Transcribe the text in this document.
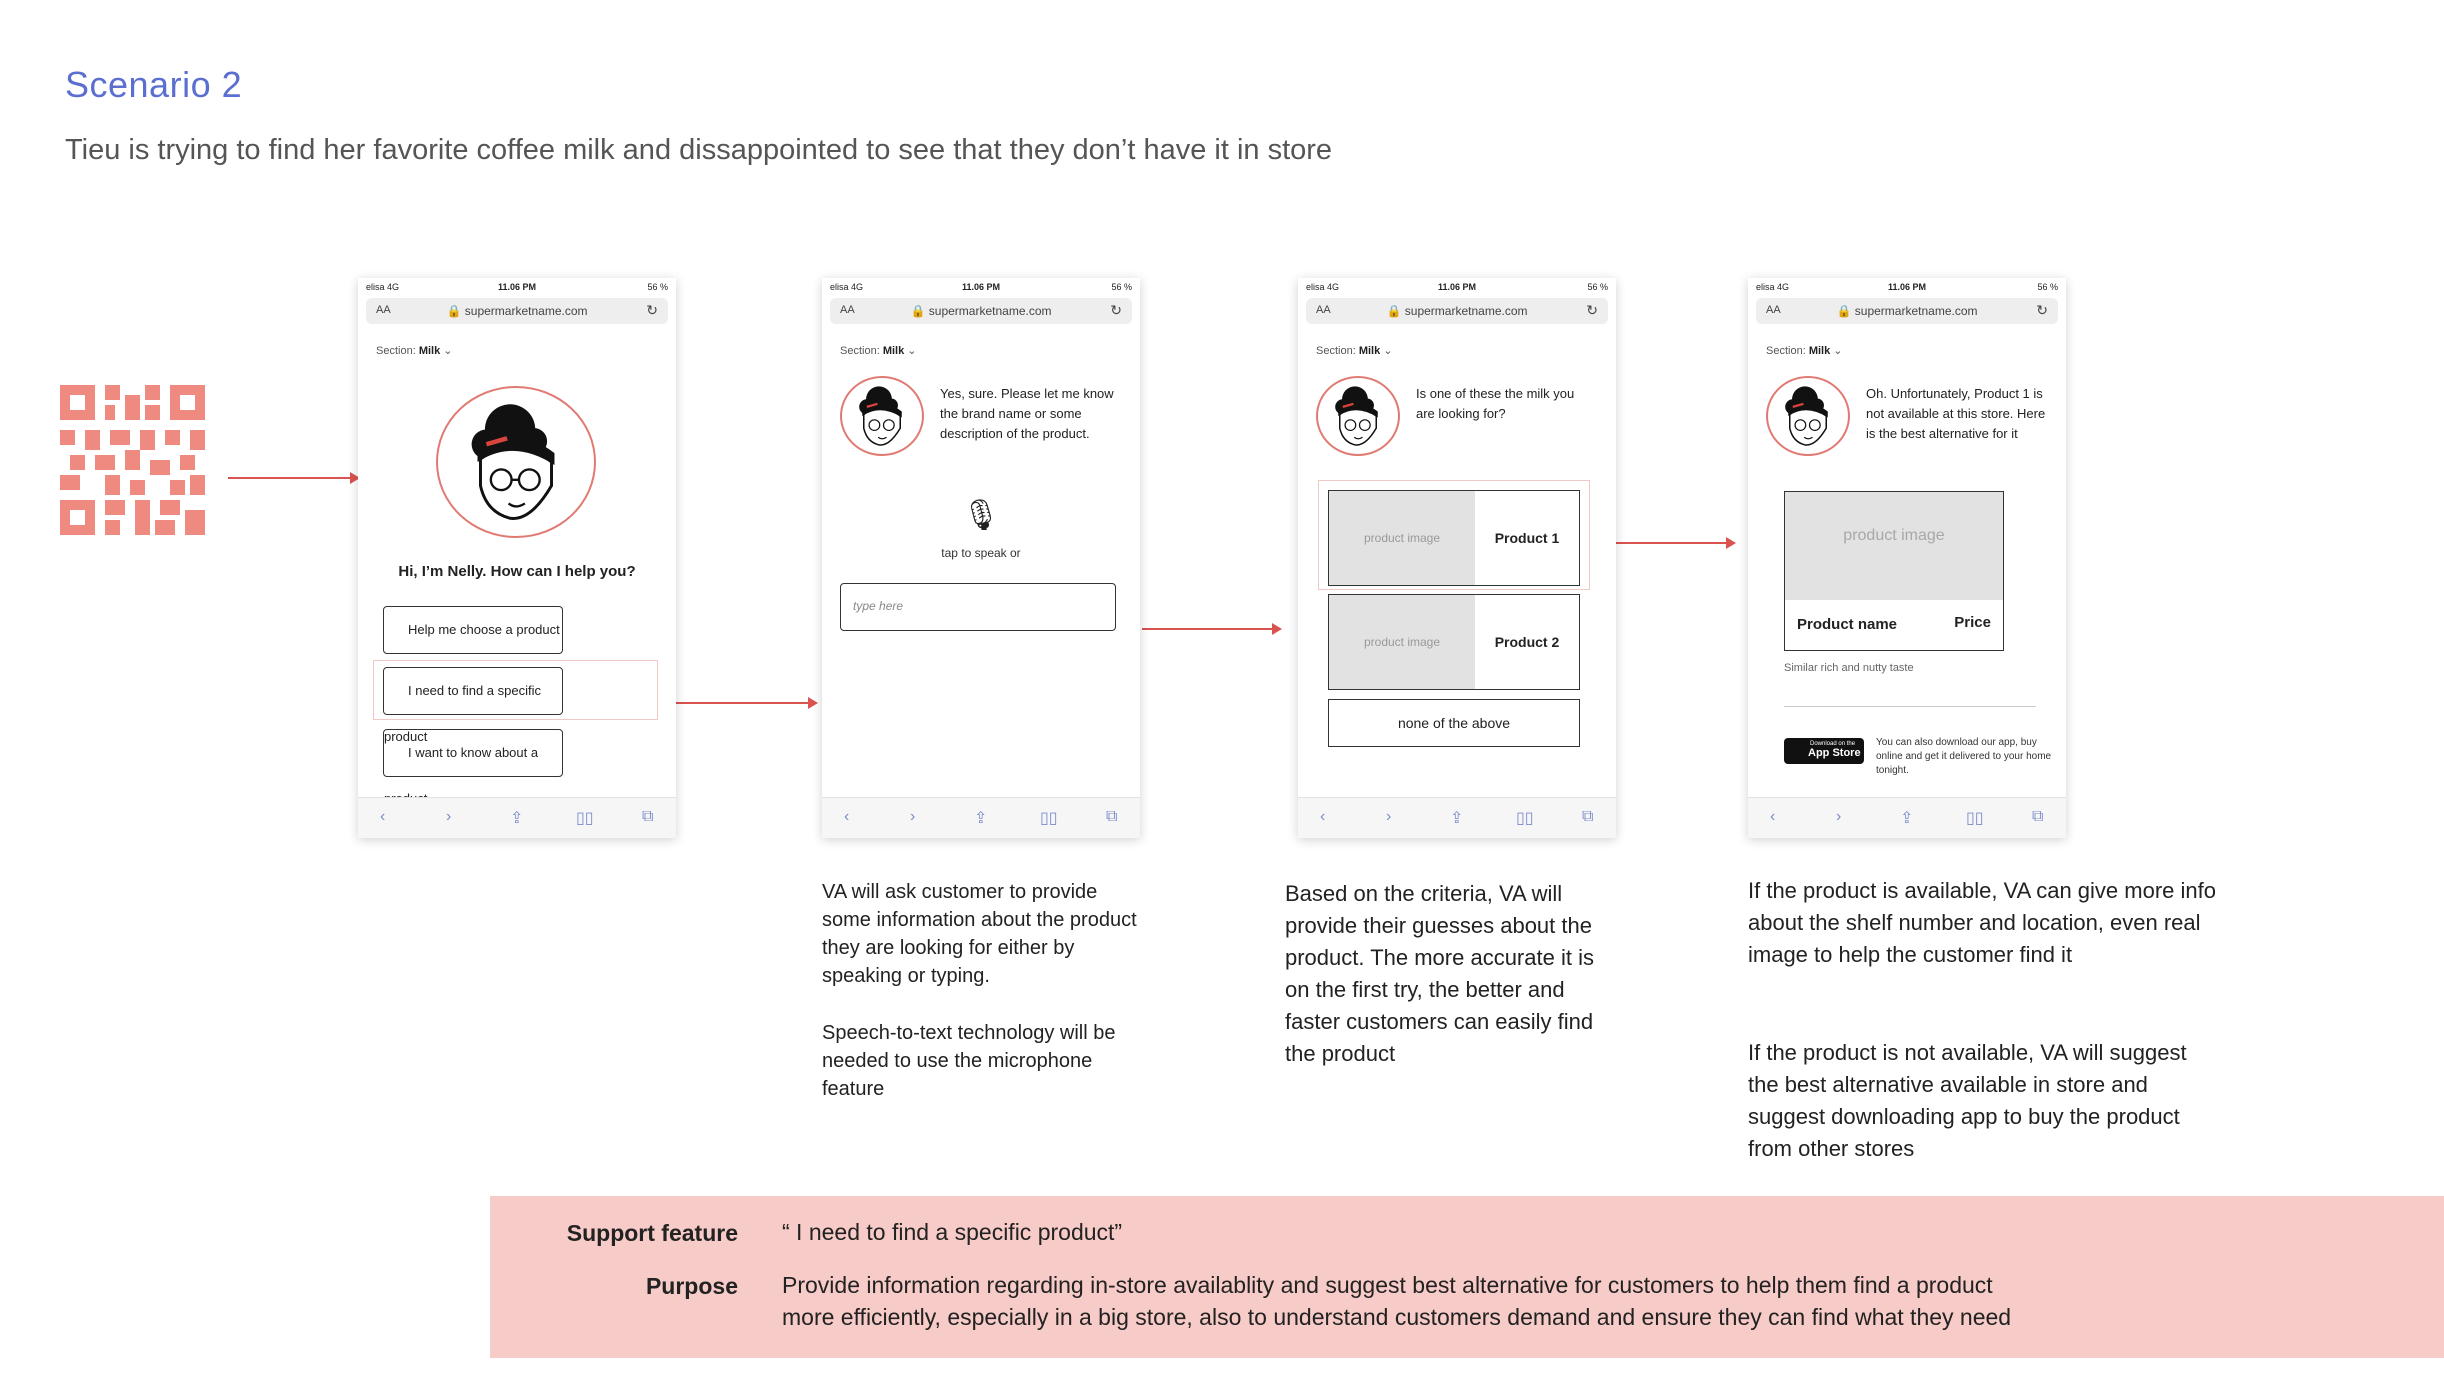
Scenario 2
Tieu is trying to find her favorite coffee milk and dissappointed to see that they don’t have it in store
elisa 4G	11.06 PM	56 %
AA	🔒 supermarketname.com	↻
Section: Milk ⌄
Hi, I’m Nelly. How can I help you?
Help me choose a product
I need to find a specific product
I want to know about a
‹	›	⇪	▯▯	⧉
elisa 4G	11.06 PM	56 %
AA	🔒 supermarketname.com	↻
Section: Milk ⌄
Yes, sure. Please let me know the brand name or some description of the product.
🎙
tap to speak or
type here
‹	›	⇪	▯▯	⧉
elisa 4G	11.06 PM	56 %
AA	🔒 supermarketname.com	↻
Section: Milk ⌄
Is one of these the milk you are looking for?
product image	Product 1
product image	Product 2
none of the above
‹	›	⇪	▯▯	⧉
elisa 4G	11.06 PM	56 %
AA	🔒 supermarketname.com	↻
Section: Milk ⌄
Oh. Unfortunately, Product 1 is not available at this store. Here is the best alternative for it
product image
Product name	Price
Similar rich and nutty taste
Download on the
App Store
You can also download our app, buy online and get it delivered to your home tonight.
‹	›	⇪	▯▯	⧉
VA will ask customer to provide some information about the product they are looking for either by speaking or typing.
Speech-to-text technology will be needed to use the microphone feature
Based on the criteria, VA will provide their guesses about the product. The more accurate it is on the first try, the better and faster customers can easily find the product
If the product is available, VA can give more info about the shelf number and location, even real image to help the customer find it
If the product is not available, VA will suggest the best alternative available in store and suggest downloading app to buy the product from other stores
Support feature “ I need to find a specific product”
Purpose Provide information regarding in-store availablity and suggest best alternative for customers to help them find a product
more efficiently, especially in a big store, also to understand customers demand and ensure they can find what they need
